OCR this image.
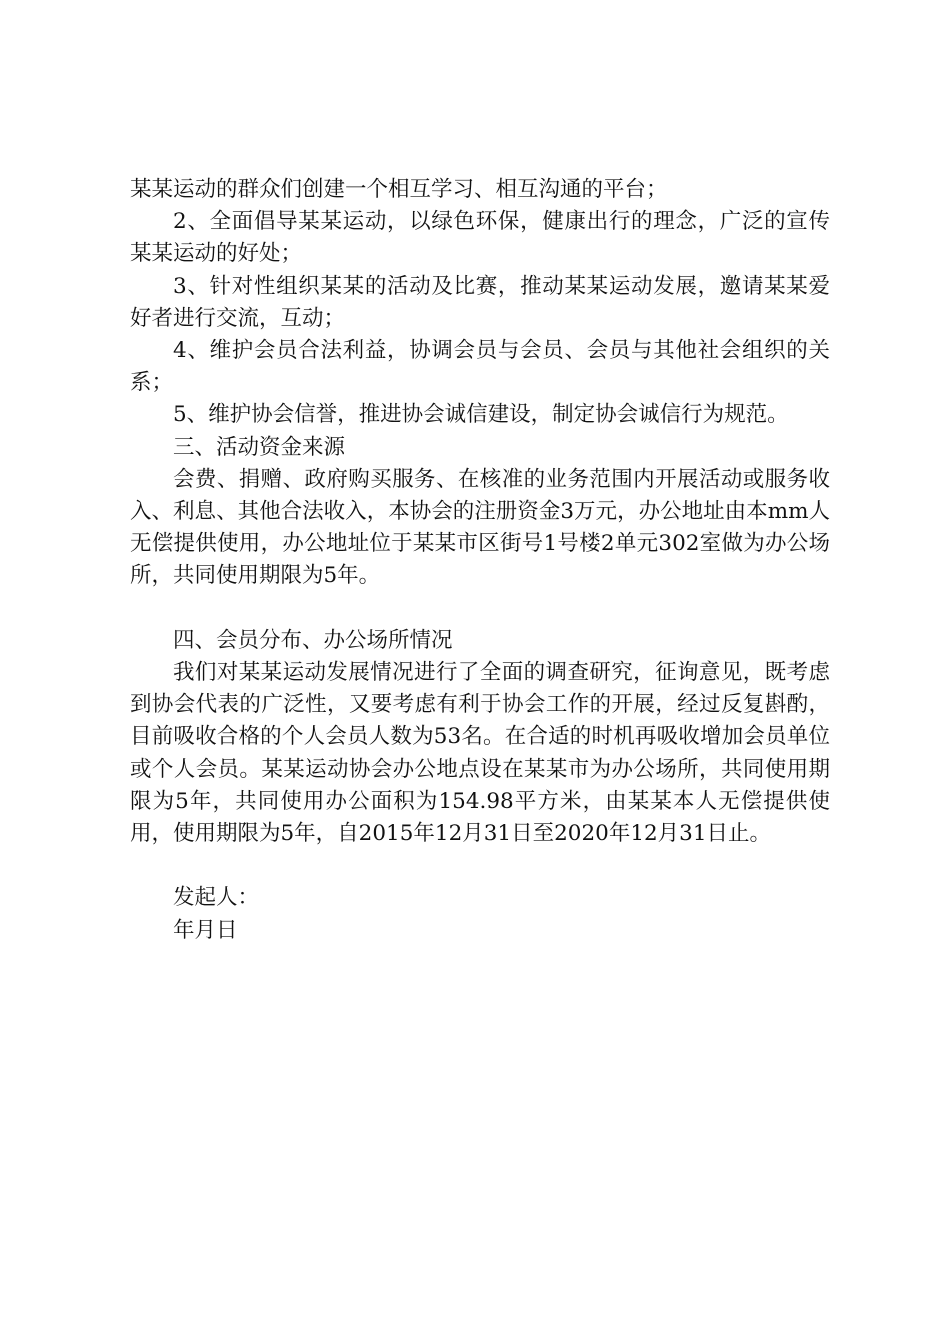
某某运动的群众们创建一个相互学习、相互沟通的平台；

2、全面倡导某某运动，以绿色环保，健康出行的理念，广泛的宣传某某运动的好处；

3、针对性组织某某的活动及比赛，推动某某运动发展，邀请某某爱好者进行交流，互动；

4、维护会员合法利益，协调会员与会员、会员与其他社会组织的关系；

5、维护协会信誉，推进协会诚信建设，制定协会诚信行为规范。

三、活动资金来源

会费、捐赠、政府购买服务、在核准的业务范围内开展活动或服务收入、利息、其他合法收入，本协会的注册资金3万元，办公地址由本mm人无偿提供使用，办公地址位于某某市区街号1号楼2单元302室做为办公场所，共同使用期限为5年。

四、会员分布、办公场所情况

我们对某某运动发展情况进行了全面的调查研究，征询意见，既考虑到协会代表的广泛性，又要考虑有利于协会工作的开展，经过反复斟酌，目前吸收合格的个人会员人数为53名。在合适的时机再吸收增加会员单位或个人会员。某某运动协会办公地点设在某某市为办公场所，共同使用期限为5年，共同使用办公面积为154.98平方米，由某某本人无偿提供使用，使用期限为5年，自2015年12月31日至2020年12月31日止。

发起人：

年月日
